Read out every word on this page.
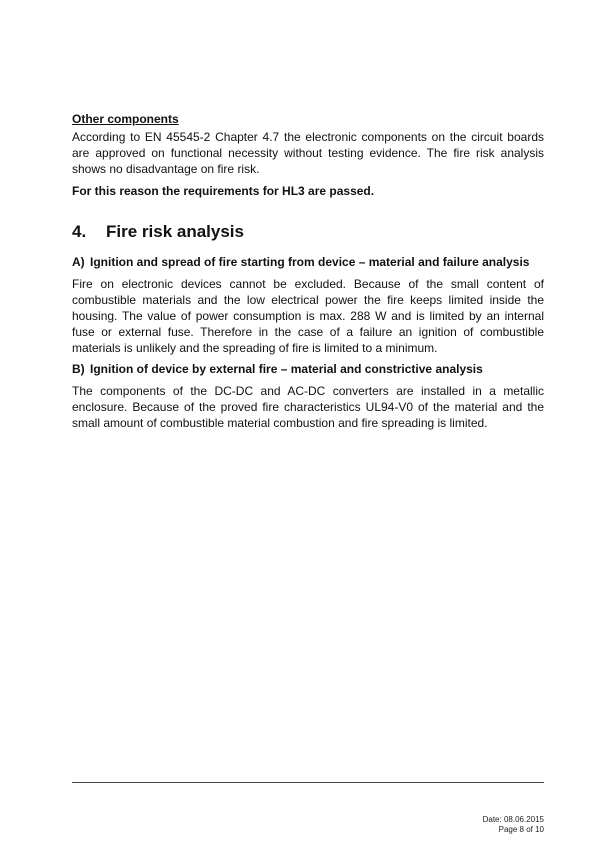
Other components

According to EN 45545-2 Chapter 4.7 the electronic components on the circuit boards are approved on functional necessity without testing evidence. The fire risk analysis shows no disadvantage on fire risk.

For this reason the requirements for HL3 are passed.

4.	Fire risk analysis
A) Ignition and spread of fire starting from device – material and failure analysis

Fire on electronic devices cannot be excluded. Because of the small content of combustible materials and the low electrical power the fire keeps limited inside the housing. The value of power consumption is max. 288 W and is limited by an internal fuse or external fuse. Therefore in the case of a failure an ignition of combustible materials is unlikely and the spreading of fire is limited to a minimum.

B) Ignition of device by external fire – material and constrictive analysis

The components of the DC-DC and AC-DC converters are installed in a metallic enclosure. Because of the proved fire characteristics UL94-V0 of the material and the small amount of combustible material combustion and fire spreading is limited.

Date: 08.06.2015
Page 8 of 10
